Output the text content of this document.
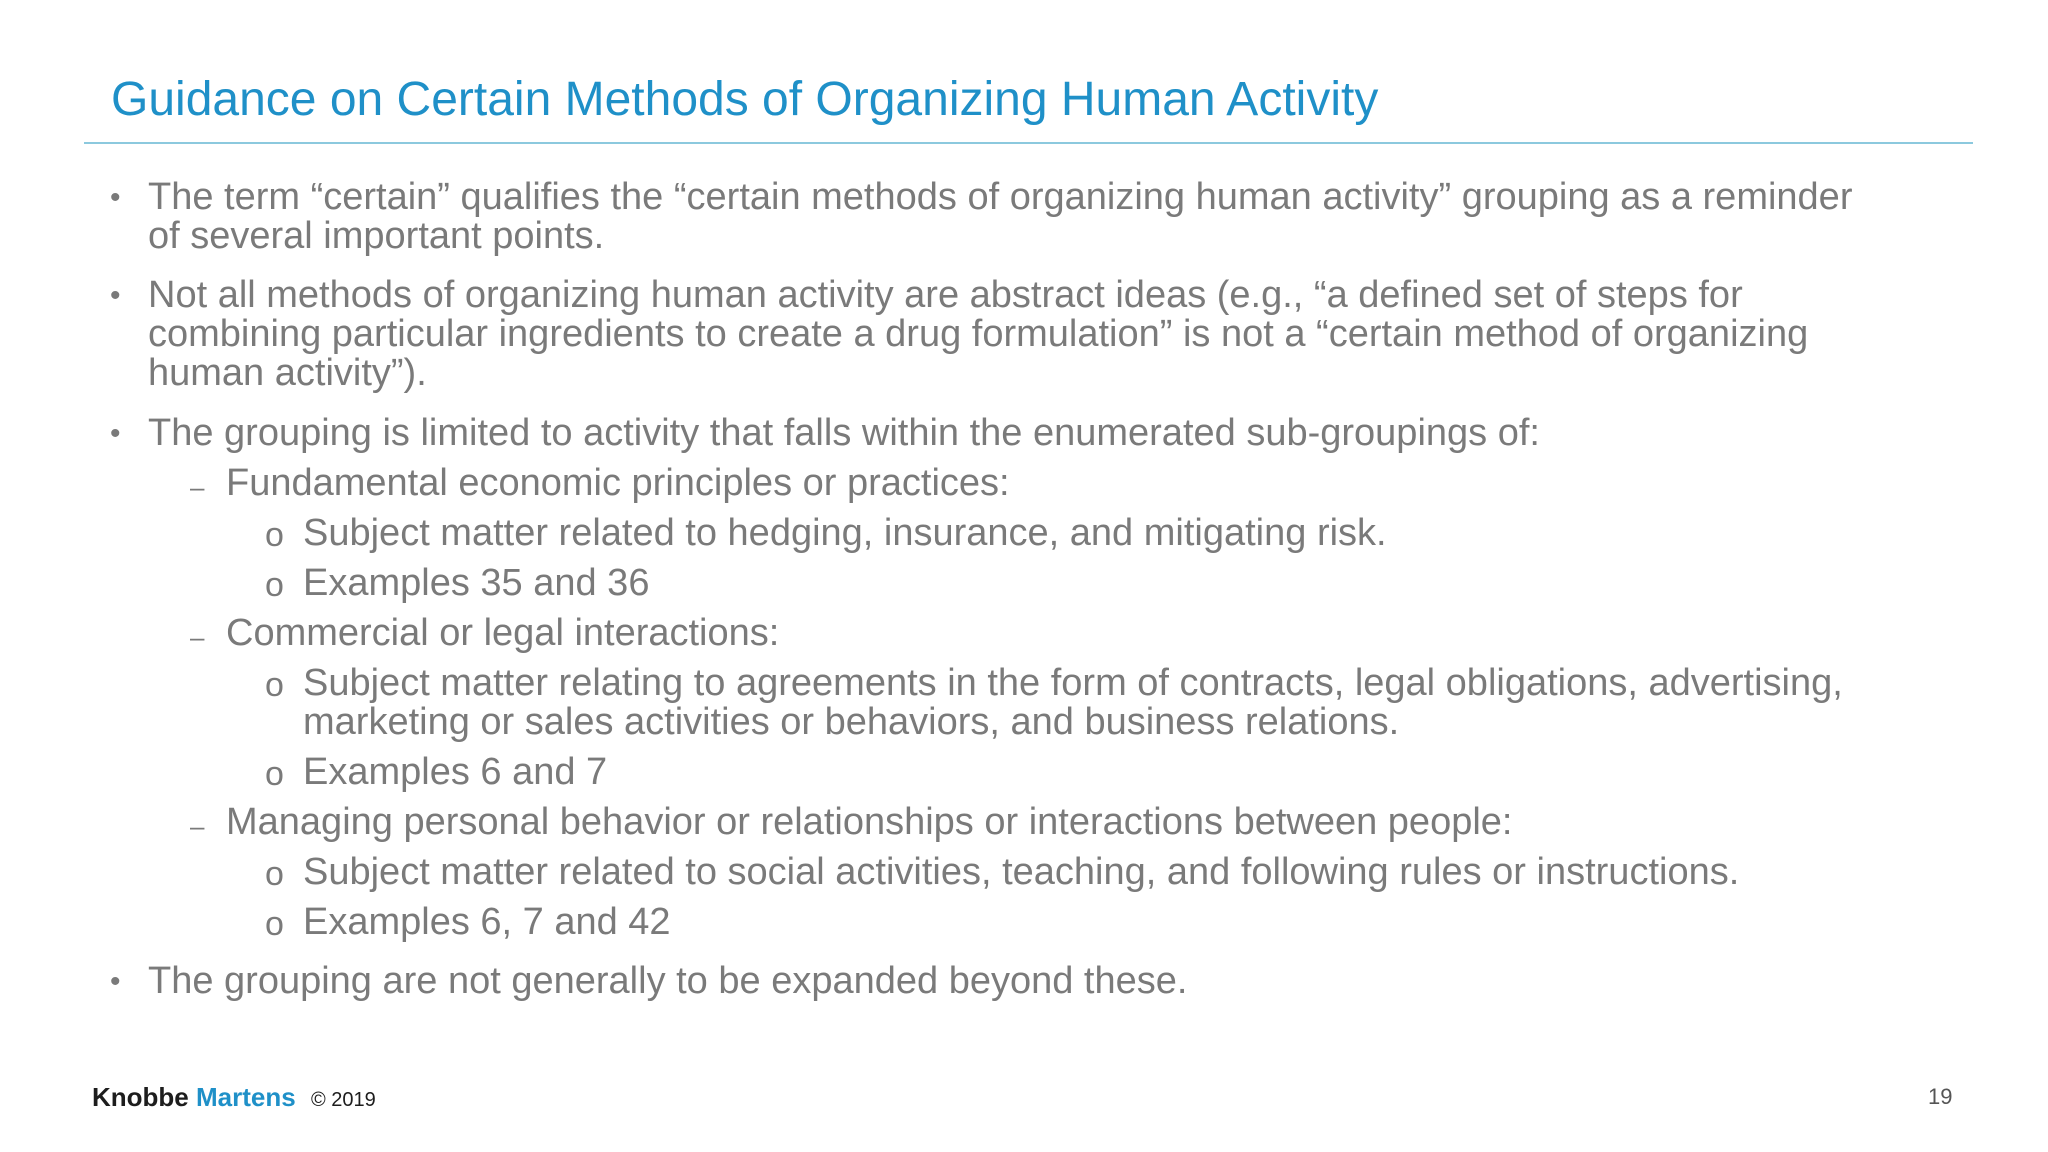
Guidance on Certain Methods of Organizing Human Activity
• The term “certain” qualifies the “certain methods of organizing human activity” grouping as a reminder of several important points.
• Not all methods of organizing human activity are abstract ideas (e.g., “a defined set of steps for combining particular ingredients to create a drug formulation” is not a “certain method of organizing human activity”).
• The grouping is limited to activity that falls within the enumerated sub-groupings of:
– Fundamental economic principles or practices:
o Subject matter related to hedging, insurance, and mitigating risk.
o Examples 35 and 36
– Commercial or legal interactions:
o Subject matter relating to agreements in the form of contracts, legal obligations, advertising, marketing or sales activities or behaviors, and business relations.
o Examples 6 and 7
– Managing personal behavior or relationships or interactions between people:
o Subject matter related to social activities, teaching, and following rules or instructions.
o Examples 6, 7 and 42
• The grouping are not generally to be expanded beyond these.
Knobbe Martens © 2019	19
